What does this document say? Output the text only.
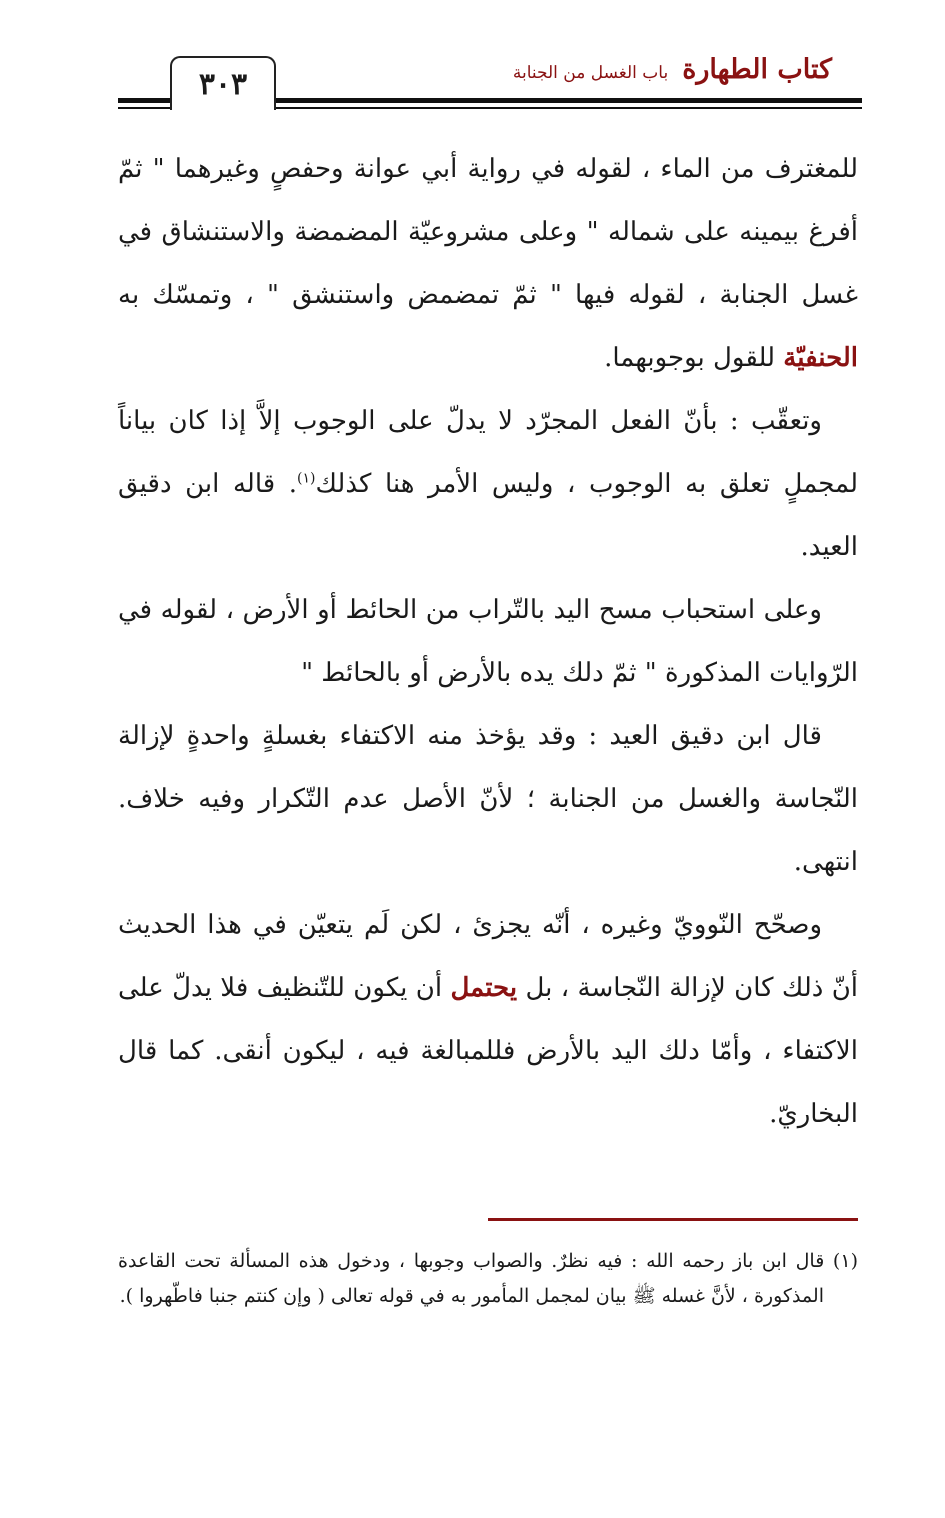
٣٠٣	كتاب الطهارة
باب الغسل من الجنابة

للمغترف من الماء ، لقوله في رواية أبي عوانة وحفصٍ وغيرهما " ثمّ أفرغ بيمينه على شماله " وعلى مشروعيّة المضمضة والاستنشاق في غسل الجنابة ، لقوله فيها " ثمّ تمضمض واستنشق " ، وتمسّك به الحنفيّة للقول بوجوبهما.

وتعقّب : بأنّ الفعل المجرّد لا يدلّ على الوجوب إلاَّ إذا كان بياناً لمجملٍ تعلق به الوجوب ، وليس الأمر هنا كذلك$^{(١)}$. قاله ابن دقيق العيد.

وعلى استحباب مسح اليد بالتّراب من الحائط أو الأرض ، لقوله في الرّوايات المذكورة " ثمّ دلك يده بالأرض أو بالحائط "

قال ابن دقيق العيد : وقد يؤخذ منه الاكتفاء بغسلةٍ واحدةٍ لإزالة النّجاسة والغسل من الجنابة ؛ لأنّ الأصل عدم التّكرار وفيه خلاف. انتهى.

وصحّح النّوويّ وغيره ، أنّه يجزئ ، لكن لَم يتعيّن في هذا الحديث أنّ ذلك كان لإزالة النّجاسة ، بل يحتمل أن يكون للتّنظيف فلا يدلّ على الاكتفاء ، وأمّا دلك اليد بالأرض فللمبالغة فيه ، ليكون أنقى. كما قال البخاريّ.

(١) قال ابن باز رحمه الله : فيه نظرٌ. والصواب وجوبها ، ودخول هذه المسألة تحت القاعدة المذكورة ، لأنَّ غسله ﷺ بيان لمجمل المأمور به في قوله تعالى ( وإن كنتم جنبا فاطّهروا ).
